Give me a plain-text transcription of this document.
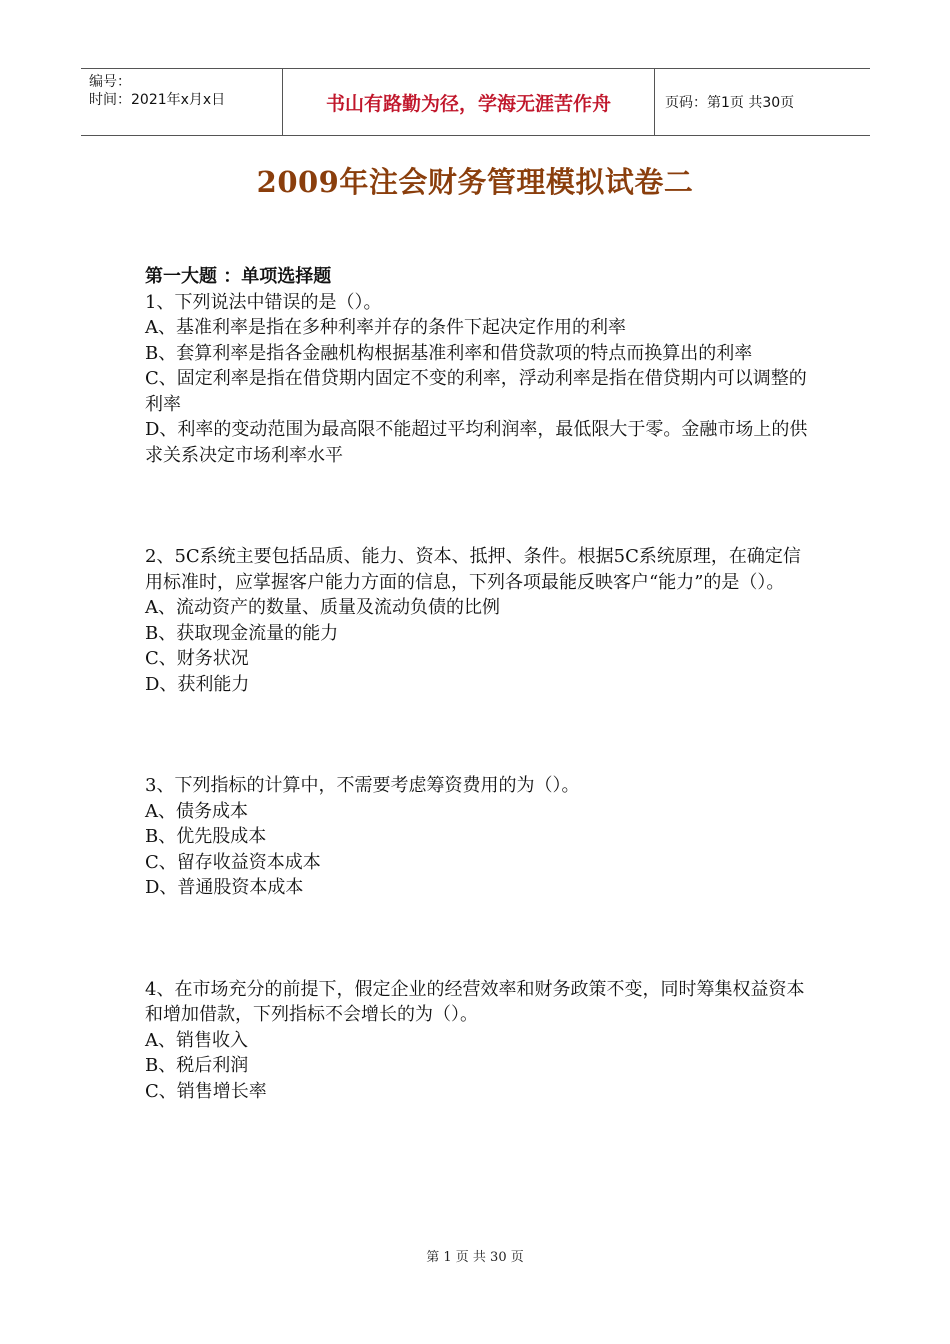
编号：
时间：2021年x月x日	书山有路勤为径，学海无涯苦作舟	页码：第1页 共30页
2009年注会财务管理模拟试卷二
第一大题 ：单项选择题

1、下列说法中错误的是（）。

A、基准利率是指在多种利率并存的条件下起决定作用的利率

B、套算利率是指各金融机构根据基准利率和借贷款项的特点而换算出的利率

C、固定利率是指在借贷期内固定不变的利率，浮动利率是指在借贷期内可以调整的利率

D、利率的变动范围为最高限不能超过平均利润率，最低限大于零。金融市场上的供求关系决定市场利率水平

2、5C系统主要包括品质、能力、资本、抵押、条件。根据5C系统原理，在确定信用标准时，应掌握客户能力方面的信息，下列各项最能反映客户“能力”的是（）。

A、流动资产的数量、质量及流动负债的比例

B、获取现金流量的能力

C、财务状况

D、获利能力

3、下列指标的计算中，不需要考虑筹资费用的为（）。

A、债务成本

B、优先股成本

C、留存收益资本成本

D、普通股资本成本

4、在市场充分的前提下，假定企业的经营效率和财务政策不变，同时筹集权益资本和增加借款，下列指标不会增长的为（）。

A、销售收入

B、税后利润

C、销售增长率

第 1 页 共 30 页
